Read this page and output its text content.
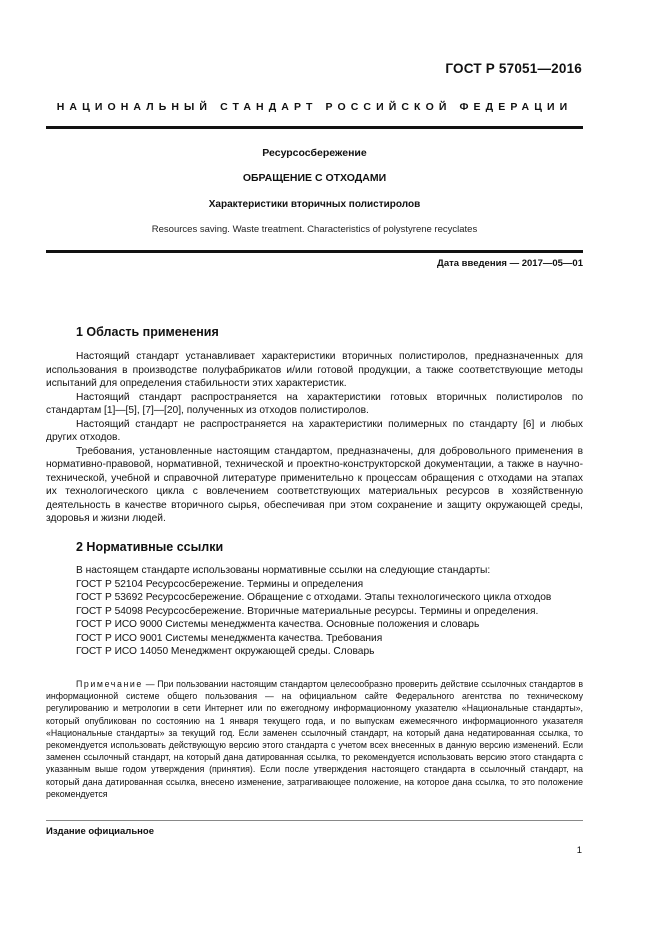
ГОСТ Р 57051—2016
НАЦИОНАЛЬНЫЙ СТАНДАРТ РОССИЙСКОЙ ФЕДЕРАЦИИ
Ресурсосбережение
ОБРАЩЕНИЕ С ОТХОДАМИ
Характеристики вторичных полистиролов
Resources saving. Waste treatment. Characteristics of polystyrene recyclates
Дата введения — 2017—05—01
1 Область применения

Настоящий стандарт устанавливает характеристики вторичных полистиролов, предназначенных для использования в производстве полуфабрикатов и/или готовой продукции, а также соответствующие методы испытаний для определения стабильности этих характеристик.

Настоящий стандарт распространяется на характеристики готовых вторичных полистиролов по стандартам [1]—[5], [7]—[20], полученных из отходов полистиролов.

Настоящий стандарт не распространяется на характеристики полимерных по стандарту [6] и любых других отходов.

Требования, установленные настоящим стандартом, предназначены, для добровольного применения в нормативно-правовой, нормативной, технической и проектно-конструкторской документации, а также в научно-технической, учебной и справочной литературе применительно к процессам обращения с отходами на этапах их технологического цикла с вовлечением соответствующих материальных ресурсов в хозяйственную деятельность в качестве вторичного сырья, обеспечивая при этом сохранение и защиту окружающей среды, здоровья и жизни людей.

2 Нормативные ссылки

В настоящем стандарте использованы нормативные ссылки на следующие стандарты:

ГОСТ Р 52104 Ресурсосбережение. Термины и определения

ГОСТ Р 53692 Ресурсосбережение. Обращение с отходами. Этапы технологического цикла отходов

ГОСТ Р 54098 Ресурсосбережение. Вторичные материальные ресурсы. Термины и определения.

ГОСТ Р ИСО 9000 Системы менеджмента качества. Основные положения и словарь

ГОСТ Р ИСО 9001 Системы менеджмента качества. Требования

ГОСТ Р ИСО 14050 Менеджмент окружающей среды. Словарь

Примечание — При пользовании настоящим стандартом целесообразно проверить действие ссылочных стандартов в информационной системе общего пользования — на официальном сайте Федерального агентства по техническому регулированию и метрологии в сети Интернет или по ежегодному информационному указателю «Национальные стандарты», который опубликован по состоянию на 1 января текущего года, и по выпускам ежемесячного информационного указателя «Национальные стандарты» за текущий год. Если заменен ссылочный стандарт, на который дана недатированная ссылка, то рекомендуется использовать действующую версию этого стандарта с учетом всех внесенных в данную версию изменений. Если заменен ссылочный стандарт, на который дана датированная ссылка, то рекомендуется использовать версию этого стандарта с указанным выше годом утверждения (принятия). Если после утверждения настоящего стандарта в ссылочный стандарт, на который дана датированная ссылка, внесено изменение, затрагивающее положение, на которое дана ссылка, то это положение рекомендуется

Издание официальное
1
